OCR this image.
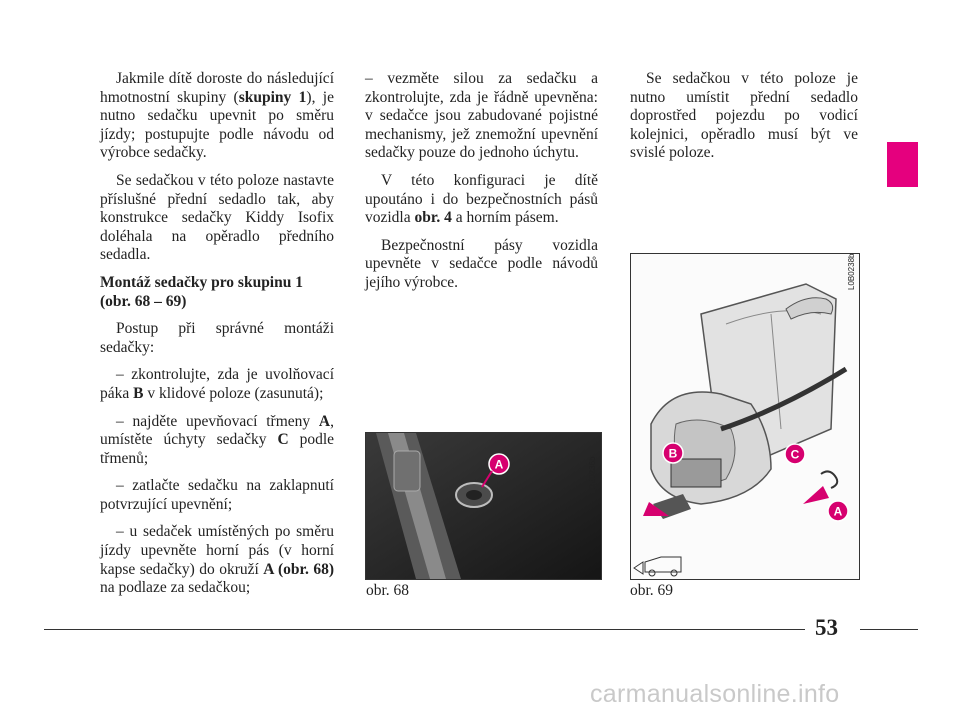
Jakmile dítě doroste do následující hmotnostní skupiny (skupiny 1), je nutno sedačku upevnit po směru jízdy; postupujte podle návodu od výrobce sedačky.

Se sedačkou v této poloze nastavte příslušné přední sedadlo tak, aby konstrukce sedačky Kiddy Isofix doléhala na opěradlo předního sedadla.

Montáž sedačky pro skupinu 1

(obr. 68 – 69)

Postup při správné montáži sedačky:

– zkontrolujte, zda je uvolňovací páka B v klidové poloze (zasunutá);

– najděte upevňovací třmeny A, umístěte úchyty sedačky C podle třmenů;

– zatlačte sedačku na zaklapnutí potvrzující upevnění;

– u sedaček umístěných po směru jízdy upevněte horní pás (v horní kapse sedačky) do okruží A (obr. 68) na podlaze za sedačkou;

– vezměte silou za sedačku a zkontrolujte, zda je řádně upevněna: v sedačce jsou zabudované pojistné mechanismy, jež znemožní upevnění sedačky pouze do jednoho úchytu.

V této konfiguraci je dítě upoutáno i do bezpečnostních pásů vozidla obr. 4 a horním pásem.

Bezpečnostní pásy vozidla upevněte v sedačce podle návodů jejího výrobce.

Se sedačkou v této poloze je nutno umístit přední sedadlo doprostřed pojezdu po vodicí kolejnici, opěradlo musí být ve svislé poloze.

A	L0B0236b
obr. 68
B	C
A
L0B0238b
obr. 69
53
carmanualsonline.info
